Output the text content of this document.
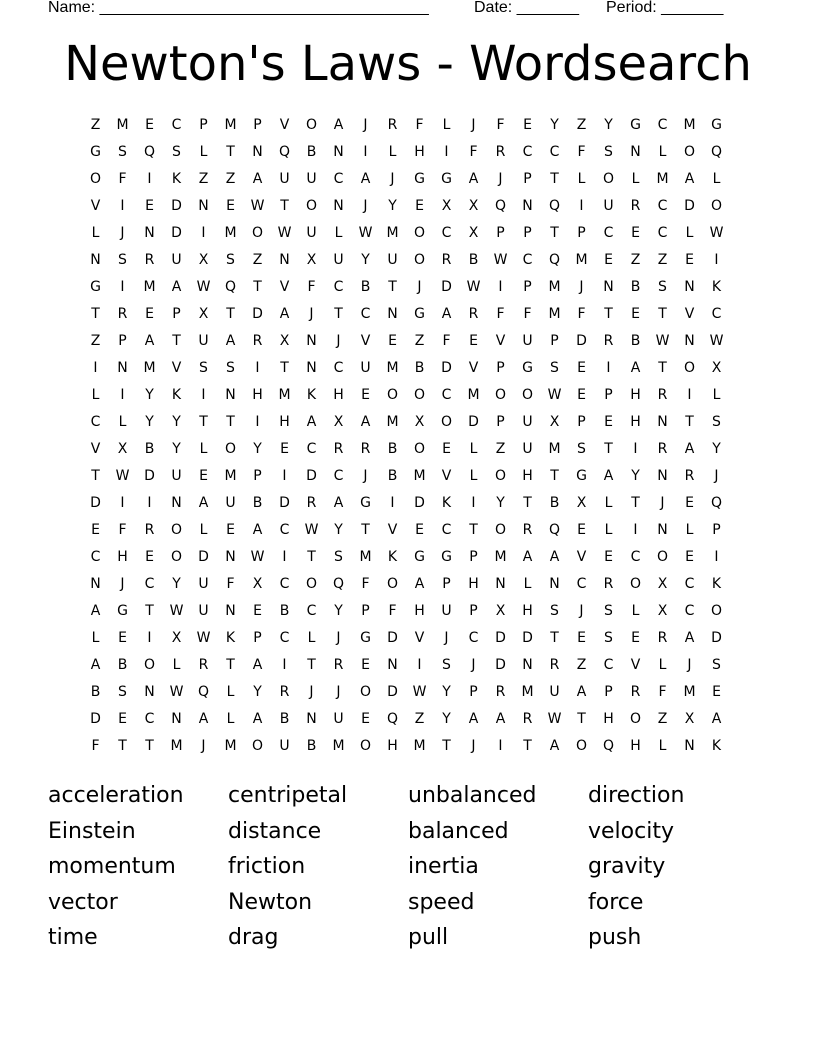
Name: _____________________________________

	Date: _______

Period: _______

Newton's Laws - Wordsearch
Z	M	E	C	P	M	P	V	O	A	J	R	F	L	J	F	E	Y	Z	Y	G	C	M	G
G	S	Q	S	L	T	N	Q	B	N	I	L	H	I	F	R	C	C	F	S	N	L	O	Q
O	F	I	K	Z	Z	A	U	U	C	A	J	G	G	A	J	P	T	L	O	L	M	A	L
V	I	E	D	N	E	W	T	O	N	J	Y	E	X	X	Q	N	Q	I	U	R	C	D	O
L	J	N	D	I	M	O	W	U	L	W	M	O	C	X	P	P	T	P	C	E	C	L	W
N	S	R	U	X	S	Z	N	X	U	Y	U	O	R	B	W	C	Q	M	E	Z	Z	E	I
G	I	M	A	W	Q	T	V	F	C	B	T	J	D	W	I	P	M	J	N	B	S	N	K
T	R	E	P	X	T	D	A	J	T	C	N	G	A	R	F	F	M	F	T	E	T	V	C
Z	P	A	T	U	A	R	X	N	J	V	E	Z	F	E	V	U	P	D	R	B	W	N	W
I	N	M	V	S	S	I	T	N	C	U	M	B	D	V	P	G	S	E	I	A	T	O	X
L	I	Y	K	I	N	H	M	K	H	E	O	O	C	M	O	O	W	E	P	H	R	I	L
C	L	Y	Y	T	T	I	H	A	X	A	M	X	O	D	P	U	X	P	E	H	N	T	S
V	X	B	Y	L	O	Y	E	C	R	R	B	O	E	L	Z	U	M	S	T	I	R	A	Y
T	W	D	U	E	M	P	I	D	C	J	B	M	V	L	O	H	T	G	A	Y	N	R	J
D	I	I	N	A	U	B	D	R	A	G	I	D	K	I	Y	T	B	X	L	T	J	E	Q
E	F	R	O	L	E	A	C	W	Y	T	V	E	C	T	O	R	Q	E	L	I	N	L	P
C	H	E	O	D	N	W	I	T	S	M	K	G	G	P	M	A	A	V	E	C	O	E	I
N	J	C	Y	U	F	X	C	O	Q	F	O	A	P	H	N	L	N	C	R	O	X	C	K
A	G	T	W	U	N	E	B	C	Y	P	F	H	U	P	X	H	S	J	S	L	X	C	O
L	E	I	X	W	K	P	C	L	J	G	D	V	J	C	D	D	T	E	S	E	R	A	D
A	B	O	L	R	T	A	I	T	R	E	N	I	S	J	D	N	R	Z	C	V	L	J	S
B	S	N	W	Q	L	Y	R	J	J	O	D	W	Y	P	R	M	U	A	P	R	F	M	E
D	E	C	N	A	L	A	B	N	U	E	Q	Z	Y	A	A	R	W	T	H	O	Z	X	A
F	T	T	M	J	M	O	U	B	M	O	H	M	T	J	I	T	A	O	Q	H	L	N	K
acceleration	centripetal	unbalanced	direction
Einstein	distance	balanced	velocity
momentum	friction	inertia	gravity
vector	Newton	speed	force
time	drag	pull	push
